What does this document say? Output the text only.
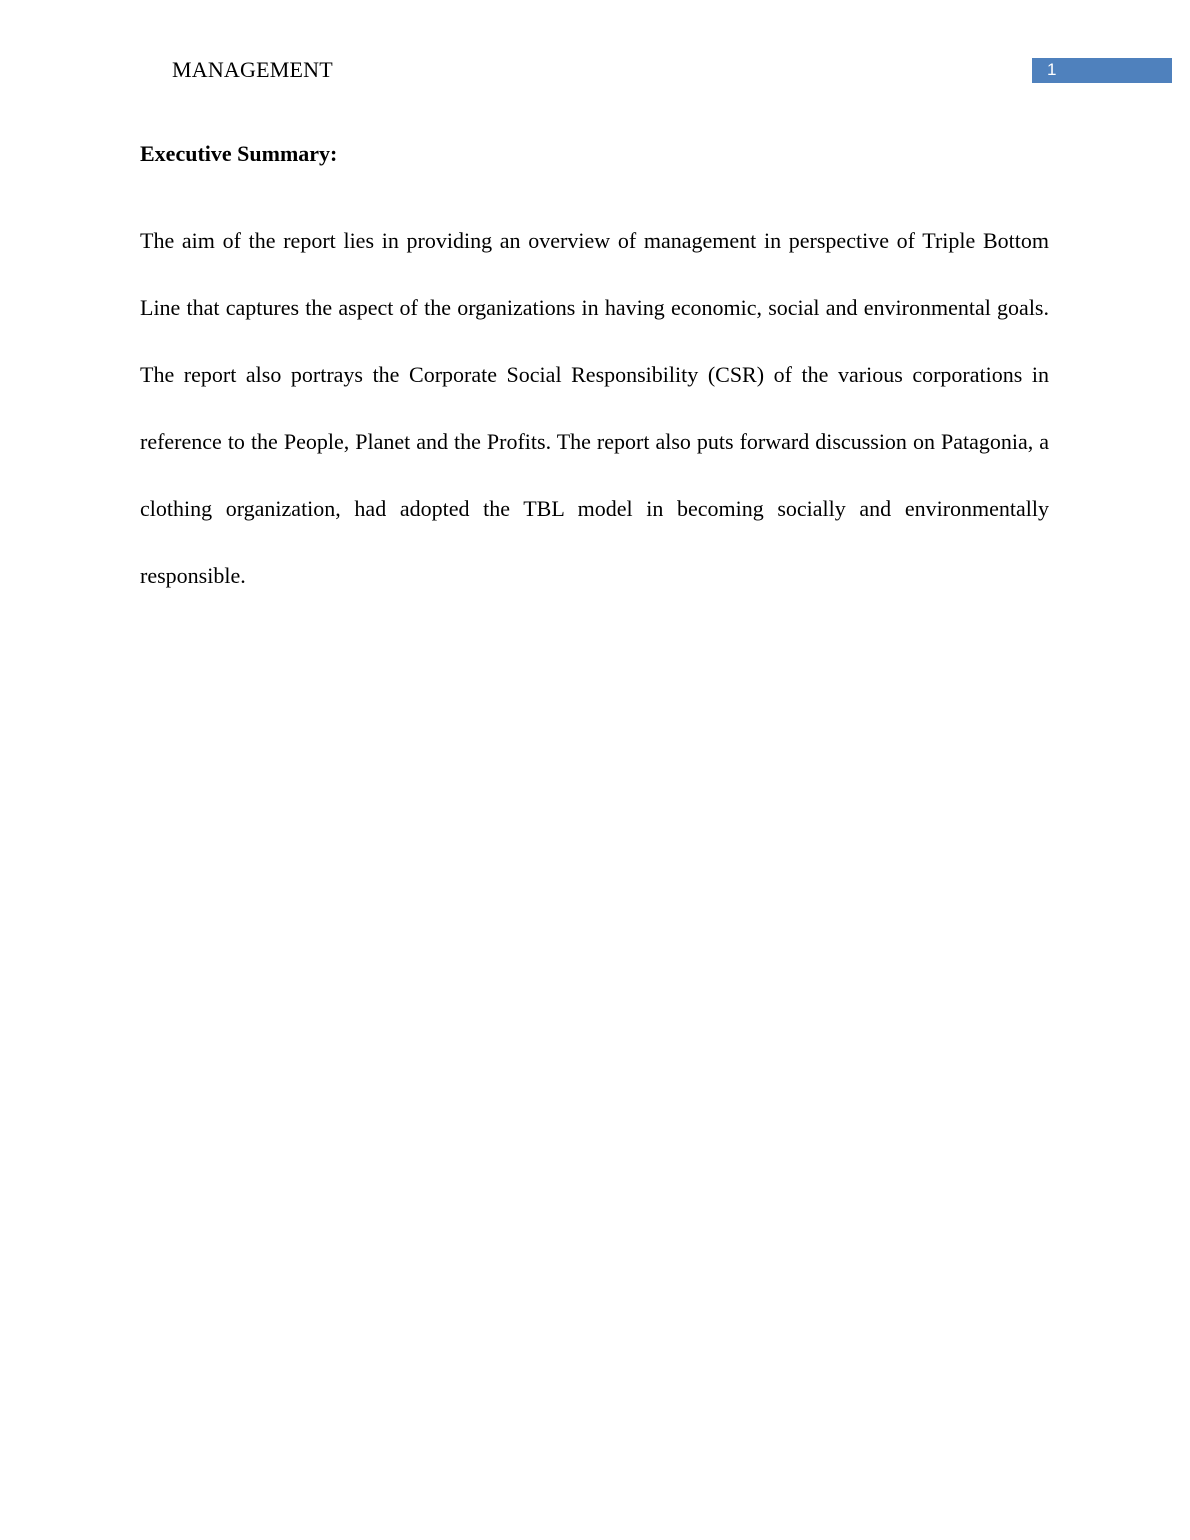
MANAGEMENT	1
Executive Summary:

The aim of the report lies in providing an overview of management in perspective of Triple Bottom Line that captures the aspect of the organizations in having economic, social and environmental goals. The report also portrays the Corporate Social Responsibility (CSR) of the various corporations in reference to the People, Planet and the Profits. The report also puts forward discussion on Patagonia, a clothing organization, had adopted the TBL model in becoming socially and environmentally responsible.
